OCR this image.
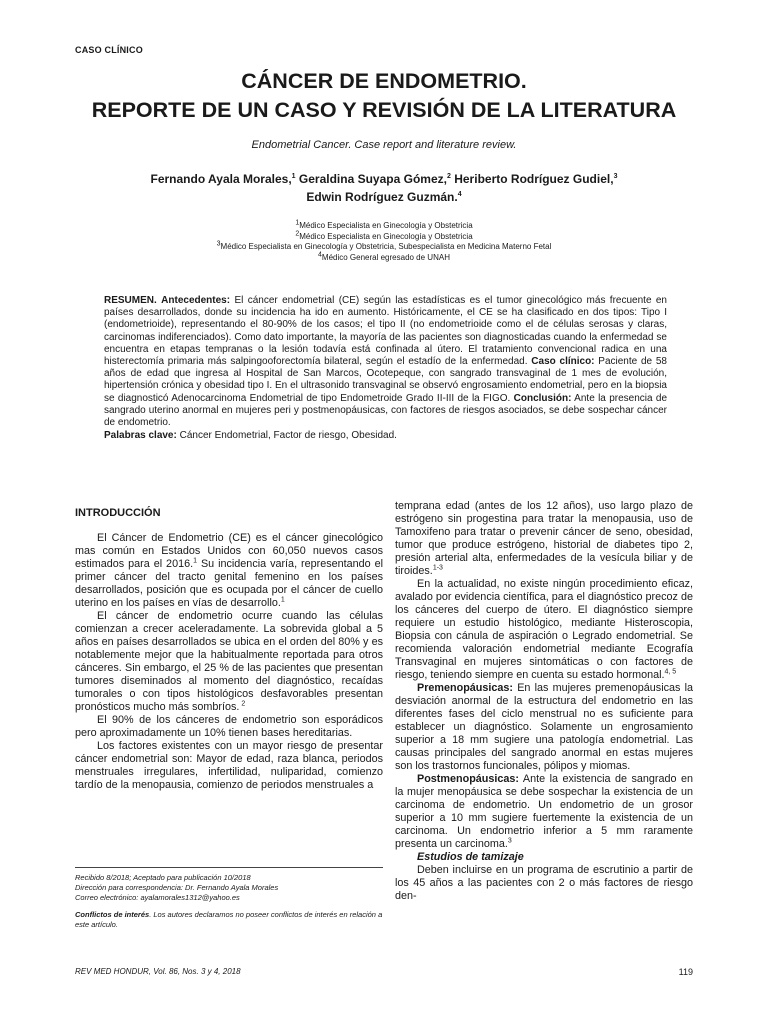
CASO CLÍNICO
CÁNCER DE ENDOMETRIO.
REPORTE DE UN CASO Y REVISIÓN DE LA LITERATURA
Endometrial Cancer. Case report and literature review.
Fernando Ayala Morales,$^1$ Geraldina Suyapa Gómez,$^2$ Heriberto Rodríguez Gudiel,$^3$
Edwin Rodríguez Guzmán.$^4$
$^1$Médico Especialista en Ginecología y Obstetricia
$^2$Médico Especialista en Ginecología y Obstetricia
$^3$Médico Especialista en Ginecología y Obstetricia, Subespecialista en Medicina Materno Fetal
$^4$Médico General egresado de UNAH
RESUMEN. Antecedentes: El cáncer endometrial (CE) según las estadísticas es el tumor ginecológico más frecuente en países desarrollados, donde su incidencia ha ido en aumento. Históricamente, el CE se ha clasificado en dos tipos: Tipo I (endometrioide), representando el 80-90% de los casos; el tipo II (no endometrioide como el de células serosas y claras, carcinomas indiferenciados). Como dato importante, la mayoría de las pacientes son diagnosticadas cuando la enfermedad se encuentra en etapas tempranas o la lesión todavía está confinada al útero. El tratamiento convencional radica en una histerectomía primaria más salpingooforectomía bilateral, según el estadío de la enfermedad. Caso clínico: Paciente de 58 años de edad que ingresa al Hospital de San Marcos, Ocotepeque, con sangrado transvaginal de 1 mes de evolución, hipertensión crónica y obesidad tipo I. En el ultrasonido transvaginal se observó engrosamiento endometrial, pero en la biopsia se diagnosticó Adenocarcinoma Endometrial de tipo Endometroide Grado II-III de la FIGO. Conclusión: Ante la presencia de sangrado uterino anormal en mujeres peri y postmenopáusicas, con factores de riesgos asociados, se debe sospechar cáncer de endometrio.
Palabras clave: Cáncer Endometrial, Factor de riesgo, Obesidad.
INTRODUCCIÓN

El Cáncer de Endometrio (CE) es el cáncer ginecológico mas común en Estados Unidos con 60,050 nuevos casos estimados para el 2016.$^1$ Su incidencia varía, representando el primer cáncer del tracto genital femenino en los países desarrollados, posición que es ocupada por el cáncer de cuello uterino en los países en vías de desarrollo.$^1$

El cáncer de endometrio ocurre cuando las células comienzan a crecer aceleradamente. La sobrevida global a 5 años en países desarrollados se ubica en el orden del 80% y es notablemente mejor que la habitualmente reportada para otros cánceres. Sin embargo, el 25 % de las pacientes que presentan tumores diseminados al momento del diagnóstico, recaídas tumorales o con tipos histológicos desfavorables presentan pronósticos mucho más sombríos. $^2$

El 90% de los cánceres de endometrio son esporádicos pero aproximadamente un 10% tienen bases hereditarias.

Los factores existentes con un mayor riesgo de presentar cáncer endometrial son: Mayor de edad, raza blanca, periodos menstruales irregulares, infertilidad, nuliparidad, comienzo tardío de la menopausia, comienzo de periodos menstruales a

temprana edad (antes de los 12 años), uso largo plazo de estrógeno sin progestina para tratar la menopausia, uso de Tamoxifeno para tratar o prevenir cáncer de seno, obesidad, tumor que produce estrógeno, historial de diabetes tipo 2, presión arterial alta, enfermedades de la vesícula biliar y de tiroides.$^{1-3}$

En la actualidad, no existe ningún procedimiento eficaz, avalado por evidencia científica, para el diagnóstico precoz de los cánceres del cuerpo de útero. El diagnóstico siempre requiere un estudio histológico, mediante Histeroscopia, Biopsia con cánula de aspiración o Legrado endometrial. Se recomienda valoración endometrial mediante Ecografía Transvaginal en mujeres sintomáticas o con factores de riesgo, teniendo siempre en cuenta su estado hormonal.$^{4, 5}$

Premenopáusicas: En las mujeres premenopáusicas la desviación anormal de la estructura del endometrio en las diferentes fases del ciclo menstrual no es suficiente para establecer un diagnóstico. Solamente un engrosamiento superior a 18 mm sugiere una patología endometrial. Las causas principales del sangrado anormal en estas mujeres son los trastornos funcionales, pólipos y miomas.

Postmenopáusicas: Ante la existencia de sangrado en la mujer menopáusica se debe sospechar la existencia de un carcinoma de endometrio. Un endometrio de un grosor superior a 10 mm sugiere fuertemente la existencia de un carcinoma. Un endometrio inferior a 5 mm raramente presenta un carcinoma.$^3$

Estudios de tamizaje

Deben incluirse en un programa de escrutinio a partir de los 45 años a las pacientes con 2 o más factores de riesgo den-

Recibido 8/2018; Aceptado para publicación 10/2018

Dirección para correspondencia: Dr. Fernando Ayala Morales

Correo electrónico: ayalamorales1312@yahoo.es

Conflictos de interés. Los autores declaramos no poseer conflictos de interés en relación a este artículo.

REV MED HONDUR, Vol. 86, Nos. 3 y 4, 2018	119
